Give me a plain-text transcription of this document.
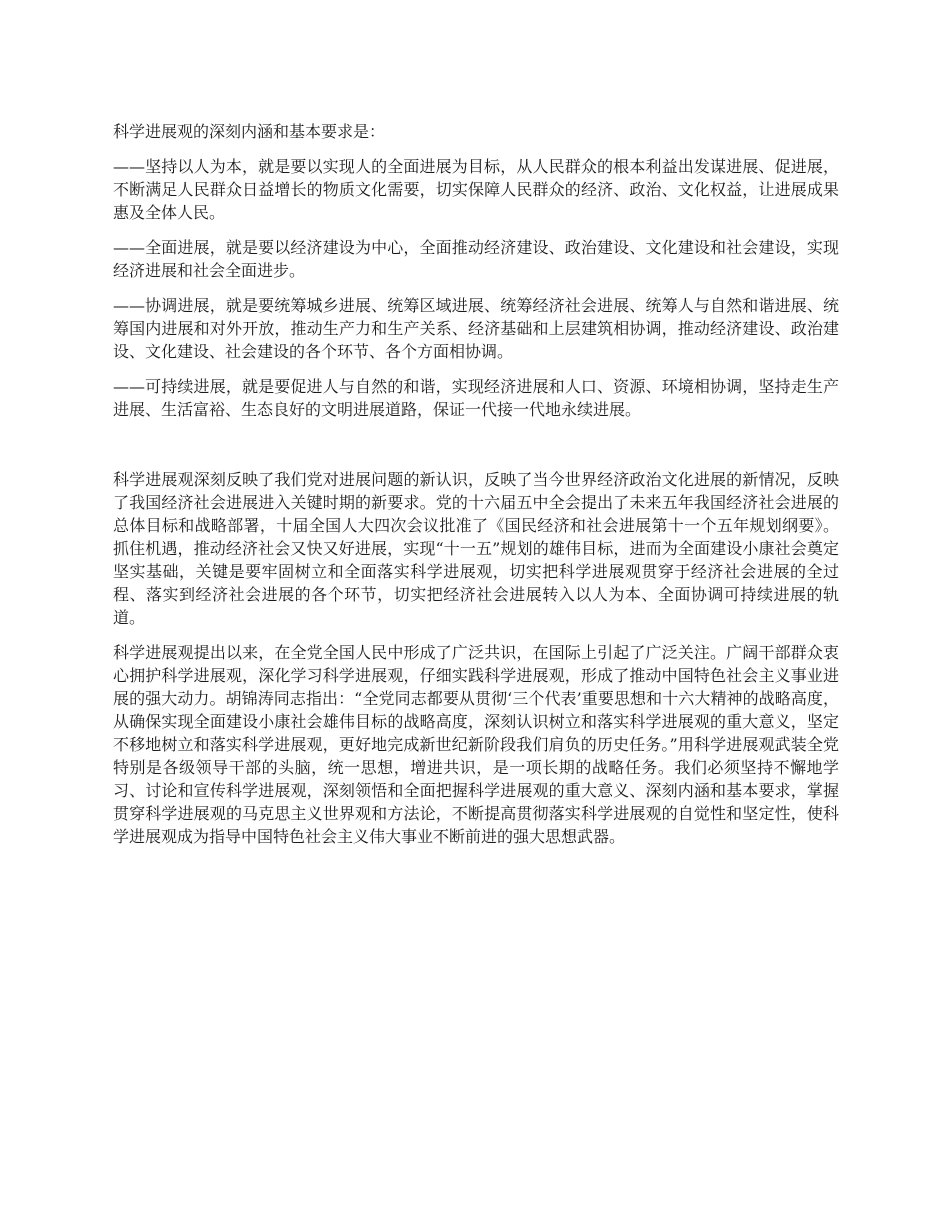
科学进展观的深刻内涵和基本要求是：

——坚持以人为本，就是要以实现人的全面进展为目标，从人民群众的根本利益出发谋进展、促进展，不断满足人民群众日益增长的物质文化需要，切实保障人民群众的经济、政治、文化权益，让进展成果惠及全体人民。

——全面进展，就是要以经济建设为中心，全面推动经济建设、政治建设、文化建设和社会建设，实现经济进展和社会全面进步。

——协调进展，就是要统筹城乡进展、统筹区域进展、统筹经济社会进展、统筹人与自然和谐进展、统筹国内进展和对外开放，推动生产力和生产关系、经济基础和上层建筑相协调，推动经济建设、政治建设、文化建设、社会建设的各个环节、各个方面相协调。

——可持续进展，就是要促进人与自然的和谐，实现经济进展和人口、资源、环境相协调，坚持走生产进展、生活富裕、生态良好的文明进展道路，保证一代接一代地永续进展。

科学进展观深刻反映了我们党对进展问题的新认识，反映了当今世界经济政治文化进展的新情况，反映了我国经济社会进展进入关键时期的新要求。党的十六届五中全会提出了未来五年我国经济社会进展的总体目标和战略部署，十届全国人大四次会议批准了《国民经济和社会进展第十一个五年规划纲要》。抓住机遇，推动经济社会又快又好进展，实现“十一五”规划的雄伟目标，进而为全面建设小康社会奠定坚实基础，关键是要牢固树立和全面落实科学进展观，切实把科学进展观贯穿于经济社会进展的全过程、落实到经济社会进展的各个环节，切实把经济社会进展转入以人为本、全面协调可持续进展的轨道。

科学进展观提出以来，在全党全国人民中形成了广泛共识，在国际上引起了广泛关注。广阔干部群众衷心拥护科学进展观，深化学习科学进展观，仔细实践科学进展观，形成了推动中国特色社会主义事业进展的强大动力。胡锦涛同志指出：“全党同志都要从贯彻‘三个代表’重要思想和十六大精神的战略高度，从确保实现全面建设小康社会雄伟目标的战略高度，深刻认识树立和落实科学进展观的重大意义，坚定不移地树立和落实科学进展观，更好地完成新世纪新阶段我们肩负的历史任务。”用科学进展观武装全党特别是各级领导干部的头脑，统一思想，增进共识，是一项长期的战略任务。我们必须坚持不懈地学习、讨论和宣传科学进展观，深刻领悟和全面把握科学进展观的重大意义、深刻内涵和基本要求，掌握贯穿科学进展观的马克思主义世界观和方法论，不断提高贯彻落实科学进展观的自觉性和坚定性，使科学进展观成为指导中国特色社会主义伟大事业不断前进的强大思想武器。
